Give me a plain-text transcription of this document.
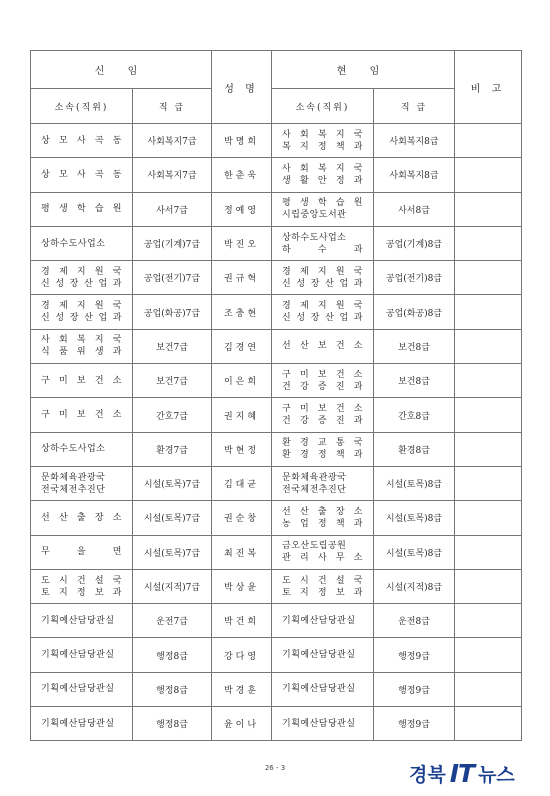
신 임		성 명	현 임		비 고
소속(직위)	직 급		소속(직위)	직 급	

상 모 사 곡 동	사회복지7급	박명희	사 회 복 지 국
복 지 정 책 과	사회복지8급	

상 모 사 곡 동	사회복지7급	한춘욱	사 회 복 지 국
생 활 안 정 과	사회복지8급	

평 생 학 습 원	사서7급	정예영	평 생 학 습 원
시립중앙도서관	사서8급	

상하수도사업소	공업(기계)7급	박진오	상하수도사업소
하 수 과	공업(기계)8급	

경 제 지 원 국
신 성 장 산 업 과	공업(전기)7급	권규혁	경 제 지 원 국
신 성 장 산 업 과	공업(전기)8급	

경 제 지 원 국
신 성 장 산 업 과	공업(화공)7급	조충현	경 제 지 원 국
신 성 장 산 업 과	공업(화공)8급	

사 회 복 지 국
식 품 위 생 과	보건7급	김경연	선 산 보 건 소	보건8급	

구 미 보 건 소	보건7급	이은희	구 미 보 건 소
건 강 증 진 과	보건8급	

구 미 보 건 소	간호7급	권지혜	구 미 보 건 소
건 강 증 진 과	간호8급	

상하수도사업소	환경7급	박현정	환 경 교 통 국
환 경 정 책 과	환경8급	

문화체육관광국
전국체전추진단	시설(토목)7급	김대균	문화체육관광국
전국체전추진단	시설(토목)8급	

선 산 출 장 소	시설(토목)7급	권순창	선 산 출 장 소
농 업 정 책 과	시설(토목)8급	

무 을 면	시설(토목)7급	최진복	금오산도립공원
관 리 사 무 소	시설(토목)8급	

도 시 건 설 국
토 지 정 보 과	시설(지적)7급	박상윤	도 시 건 설 국
토 지 정 보 과	시설(지적)8급	

기획예산담당관실	운전7급	박건희	기획예산담당관실	운전8급	

기획예산담당관실	행정8급	강다영	기획예산담당관실	행정9급	

기획예산담당관실	행정8급	박경훈	기획예산담당관실	행정9급	

기획예산담당관실	행정8급	윤이나	기획예산담당관실	행정9급	
26 - 3	경북 IT 뉴스
